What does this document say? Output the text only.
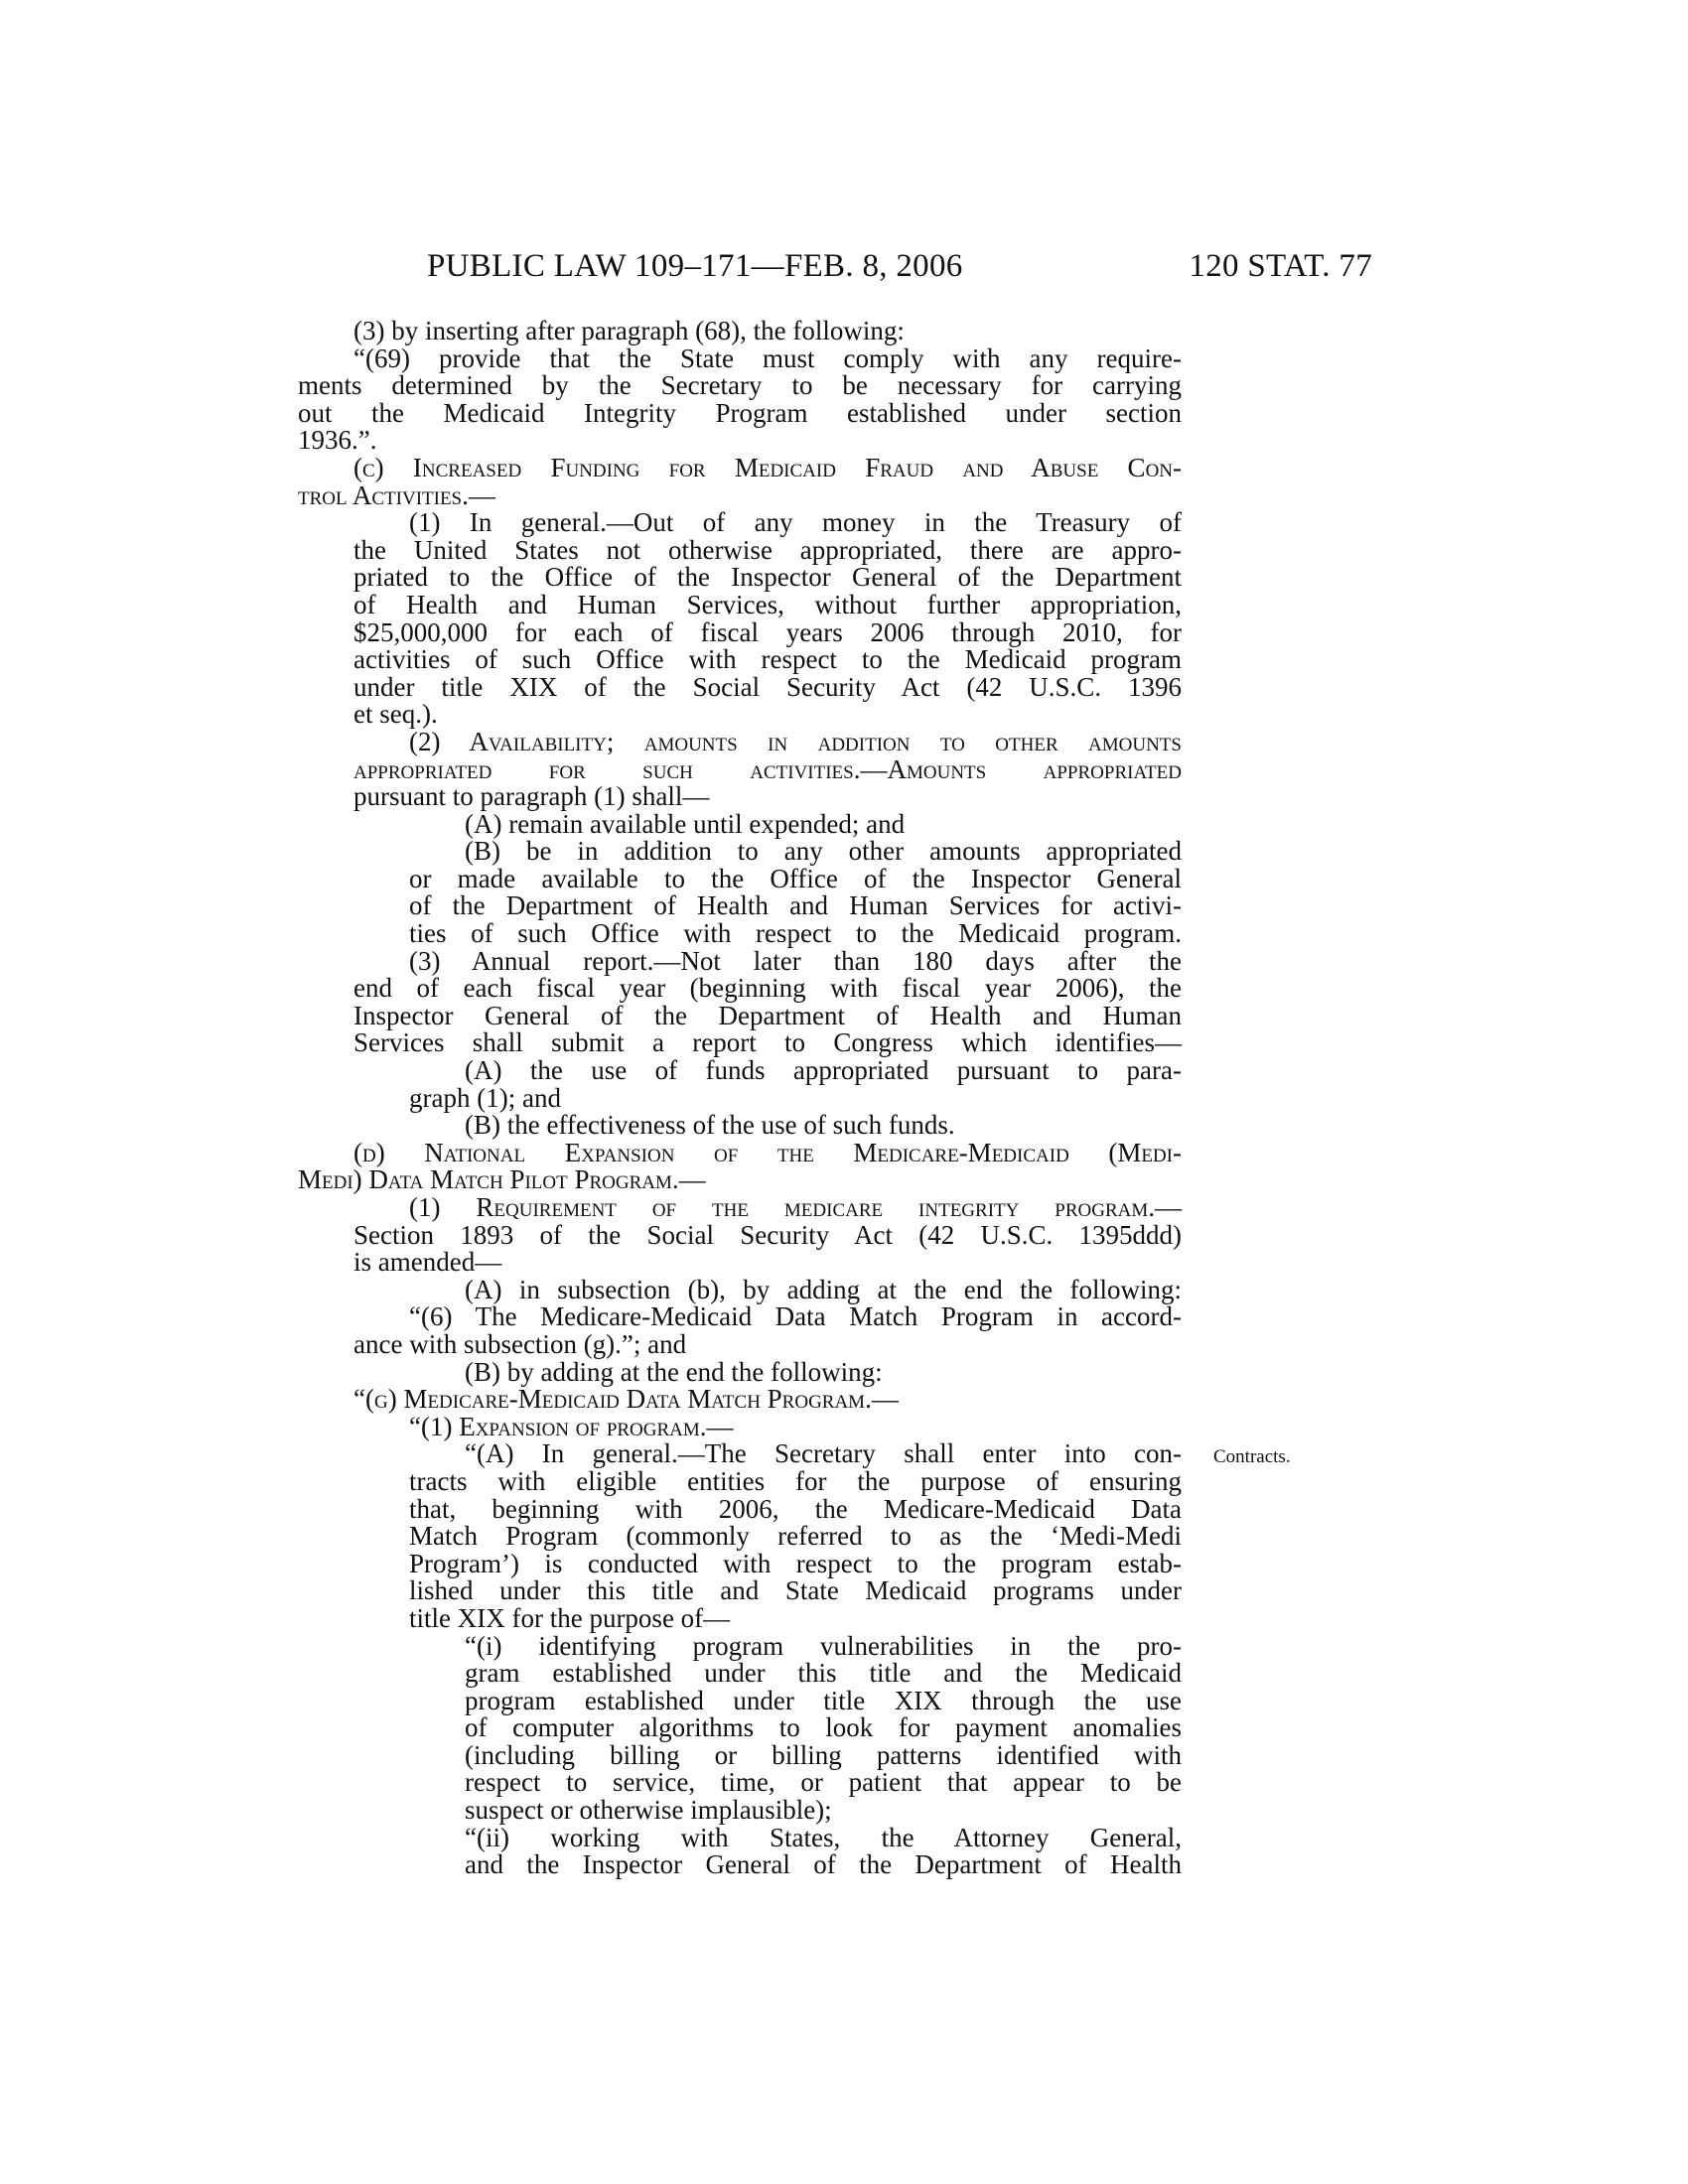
PUBLIC LAW 109–171—FEB. 8, 2006	120 STAT. 77
(3) by inserting after paragraph (68), the following:
“(69) provide that the State must comply with any require-
ments determined by the Secretary to be necessary for carrying
out the Medicaid Integrity Program established under section
1936.”.
(c) Increased Funding for Medicaid Fraud and Abuse Con-
trol Activities.—
(1) In general.—Out of any money in the Treasury of
the United States not otherwise appropriated, there are appro-
priated to the Office of the Inspector General of the Department
of Health and Human Services, without further appropriation,
$25,000,000 for each of fiscal years 2006 through 2010, for
activities of such Office with respect to the Medicaid program
under title XIX of the Social Security Act (42 U.S.C. 1396
et seq.).
(2) Availability; amounts in addition to other amounts
appropriated for such activities.—Amounts appropriated
pursuant to paragraph (1) shall—
(A) remain available until expended; and
(B) be in addition to any other amounts appropriated
or made available to the Office of the Inspector General
of the Department of Health and Human Services for activi-
ties of such Office with respect to the Medicaid program.
(3) Annual report.—Not later than 180 days after the
end of each fiscal year (beginning with fiscal year 2006), the
Inspector General of the Department of Health and Human
Services shall submit a report to Congress which identifies—
(A) the use of funds appropriated pursuant to para-
graph (1); and
(B) the effectiveness of the use of such funds.
(d) National Expansion of the Medicare-Medicaid (Medi-
Medi) Data Match Pilot Program.—
(1) Requirement of the medicare integrity program.—
Section 1893 of the Social Security Act (42 U.S.C. 1395ddd)
is amended—
(A) in subsection (b), by adding at the end the following:
“(6) The Medicare-Medicaid Data Match Program in accord-
ance with subsection (g).”; and
(B) by adding at the end the following:
“(g) Medicare-Medicaid Data Match Program.—
“(1) Expansion of program.—
“(A) In general.—The Secretary shall enter into con-
tracts with eligible entities for the purpose of ensuring
that, beginning with 2006, the Medicare-Medicaid Data
Match Program (commonly referred to as the ‘Medi-Medi
Program’) is conducted with respect to the program estab-
lished under this title and State Medicaid programs under
title XIX for the purpose of—
“(i) identifying program vulnerabilities in the pro-
gram established under this title and the Medicaid
program established under title XIX through the use
of computer algorithms to look for payment anomalies
(including billing or billing patterns identified with
respect to service, time, or patient that appear to be
suspect or otherwise implausible);
“(ii) working with States, the Attorney General,
and the Inspector General of the Department of Health
Contracts.
